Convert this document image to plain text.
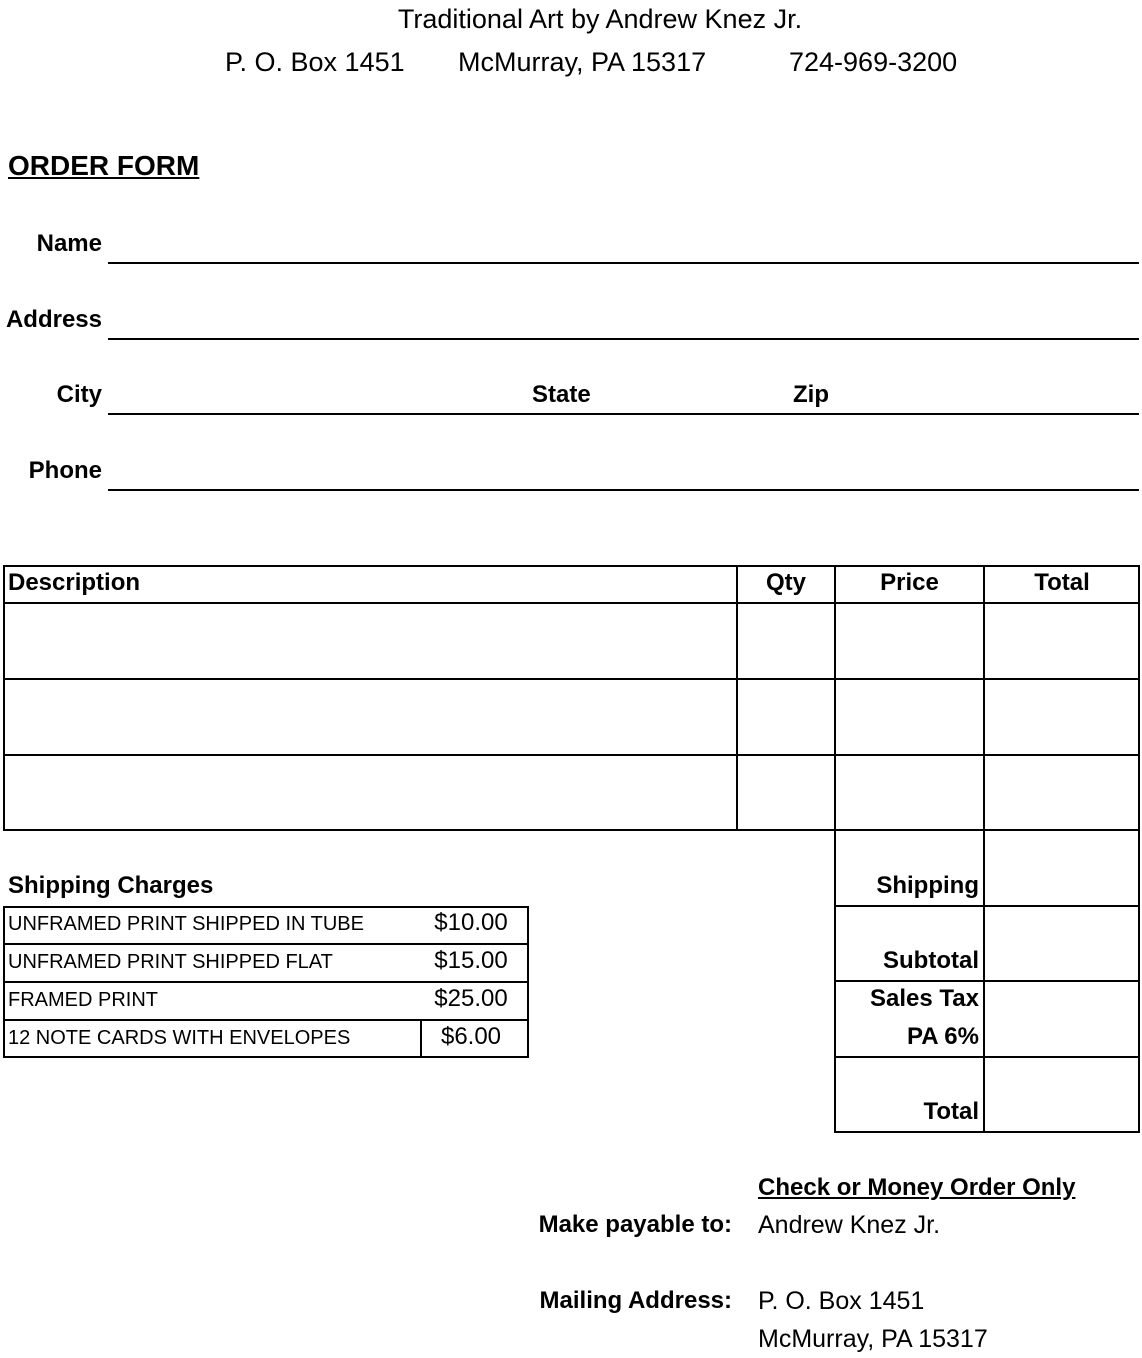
Traditional Art by Andrew Knez Jr.
P. O. Box 1451 McMurray, PA 15317	724-969-3200
ORDER FORM
Name
Address
City	State	Zip
Phone
Description	Qty	Price	Total
Shipping
Subtotal
Sales Tax
PA 6%
Total
Shipping Charges
UNFRAMED PRINT SHIPPED IN TUBE	$10.00
UNFRAMED PRINT SHIPPED FLAT	$15.00
FRAMED PRINT	$25.00
12 NOTE CARDS WITH ENVELOPES	$6.00
Check or Money Order Only
Make payable to: Andrew Knez Jr.
Mailing Address: P. O. Box 1451
McMurray, PA 15317
